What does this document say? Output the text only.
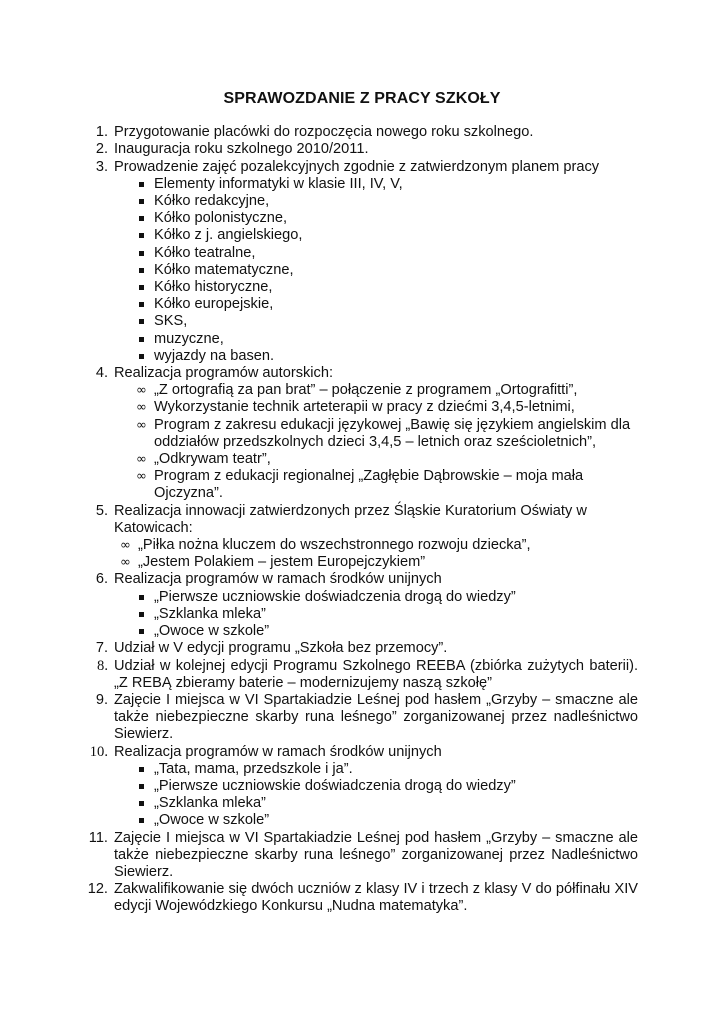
SPRAWOZDANIE Z PRACY SZKOŁY
1. Przygotowanie placówki do rozpoczęcia nowego roku szkolnego.
2. Inauguracja roku szkolnego 2010/2011.
3. Prowadzenie zajęć pozalekcyjnych zgodnie z zatwierdzonym planem pracy
Elementy informatyki w klasie III, IV, V,
Kółko redakcyjne,
Kółko polonistyczne,
Kółko z j. angielskiego,
Kółko teatralne,
Kółko matematyczne,
Kółko historyczne,
Kółko europejskie,
SKS,
muzyczne,
wyjazdy na basen.
4. Realizacja programów autorskich:
∞ „Z ortografią za pan brat” – połączenie z programem „Ortografitti”,
∞ Wykorzystanie technik arteterapii w pracy z dziećmi 3,4,5-letnimi,
∞ Program z zakresu edukacji językowej „Bawię się językiem angielskim dla oddziałów przedszkolnych dzieci 3,4,5 – letnich oraz sześcioletnich”,
∞ „Odkrywam teatr”,
∞ Program z edukacji regionalnej „Zagłębie Dąbrowskie – moja mała Ojczyzna”.
5. Realizacja innowacji zatwierdzonych przez Śląskie Kuratorium Oświaty w Katowicach:
∞ „Piłka nożna kluczem do wszechstronnego rozwoju dziecka”,
∞ „Jestem Polakiem – jestem Europejczykiem”
6. Realizacja programów w ramach środków unijnych
„Pierwsze uczniowskie doświadczenia drogą do wiedzy”
„Szklanka mleka”
„Owoce w szkole”
7. Udział w V edycji programu „Szkoła bez przemocy”.
8. Udział w kolejnej edycji Programu Szkolnego REEBA (zbiórka zużytych baterii). „Z REBĄ zbieramy baterie – modernizujemy naszą szkołę”
9. Zajęcie I miejsca w VI Spartakiadzie Leśnej pod hasłem „Grzyby – smaczne ale także niebezpieczne skarby runa leśnego” zorganizowanej przez nadleśnictwo Siewierz.
10. Realizacja programów w ramach środków unijnych
„Tata, mama, przedszkole i ja”.
„Pierwsze uczniowskie doświadczenia drogą do wiedzy”
„Szklanka mleka”
„Owoce w szkole”
11. Zajęcie I miejsca w VI Spartakiadzie Leśnej pod hasłem „Grzyby – smaczne ale także niebezpieczne skarby runa leśnego” zorganizowanej przez Nadleśnictwo Siewierz.
12. Zakwalifikowanie się dwóch uczniów z klasy IV i trzech z klasy V do półfinału XIV edycji Wojewódzkiego Konkursu „Nudna matematyka”.
